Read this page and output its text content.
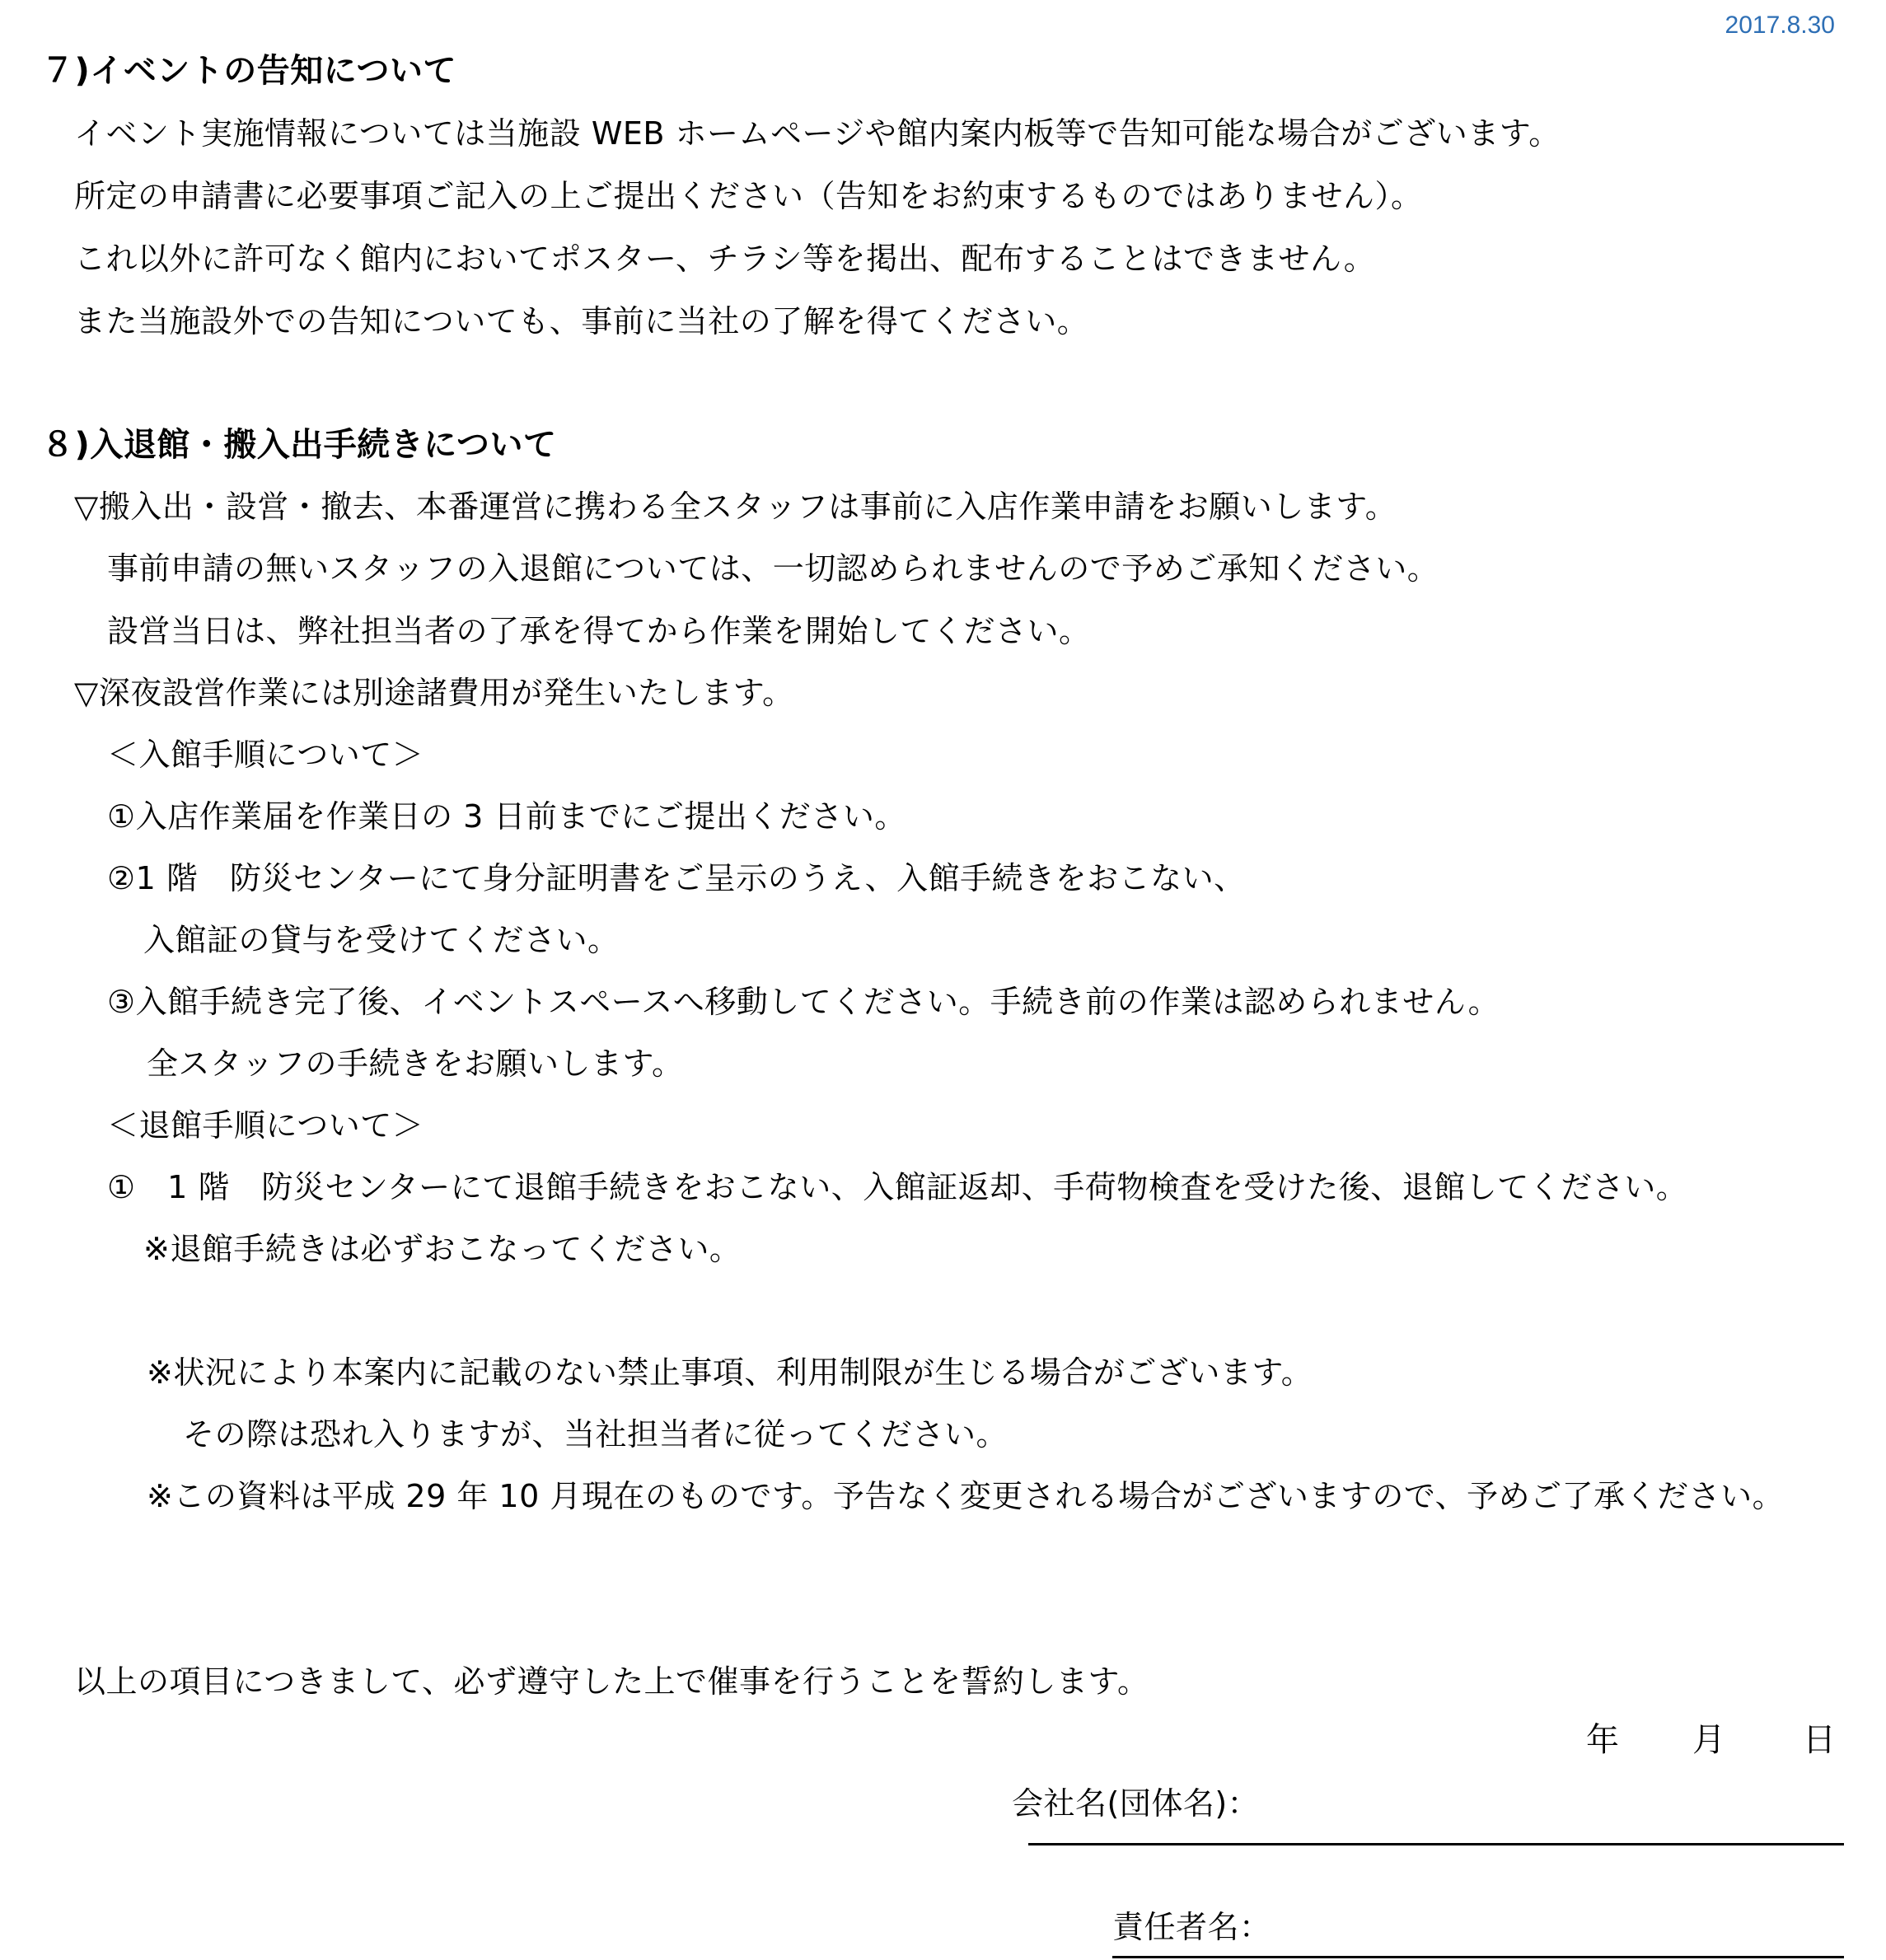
2017.8.30
７)イベントの告知について
イベント実施情報については当施設 WEB ホームページや館内案内板等で告知可能な場合がございます。
所定の申請書に必要事項ご記入の上ご提出ください（告知をお約束するものではありません）。
これ以外に許可なく館内においてポスター、チラシ等を掲出、配布することはできません。
また当施設外での告知についても、事前に当社の了解を得てください。
８)入退館・搬入出手続きについて
▽搬入出・設営・撤去、本番運営に携わる全スタッフは事前に入店作業申請をお願いします。
事前申請の無いスタッフの入退館については、一切認められませんので予めご承知ください。
設営当日は、弊社担当者の了承を得てから作業を開始してください。
▽深夜設営作業には別途諸費用が発生いたします。
＜入館手順について＞
①入店作業届を作業日の 3 日前までにご提出ください。
②1 階　防災センターにて身分証明書をご呈示のうえ、入館手続きをおこない、
入館証の貸与を受けてください。
③入館手続き完了後、イベントスペースへ移動してください。手続き前の作業は認められません。
全スタッフの手続きをお願いします。
＜退館手順について＞
①　1 階　防災センターにて退館手続きをおこない、入館証返却、手荷物検査を受けた後、退館してください。
※退館手続きは必ずおこなってください。
※状況により本案内に記載のない禁止事項、利用制限が生じる場合がございます。
その際は恐れ入りますが、当社担当者に従ってください。
※この資料は平成 29 年 10 月現在のものです。予告なく変更される場合がございますので、予めご了承ください。
以上の項目につきまして、必ず遵守した上で催事を行うことを誓約します。
年 月 日
会社名(団体名)：
責任者名：
